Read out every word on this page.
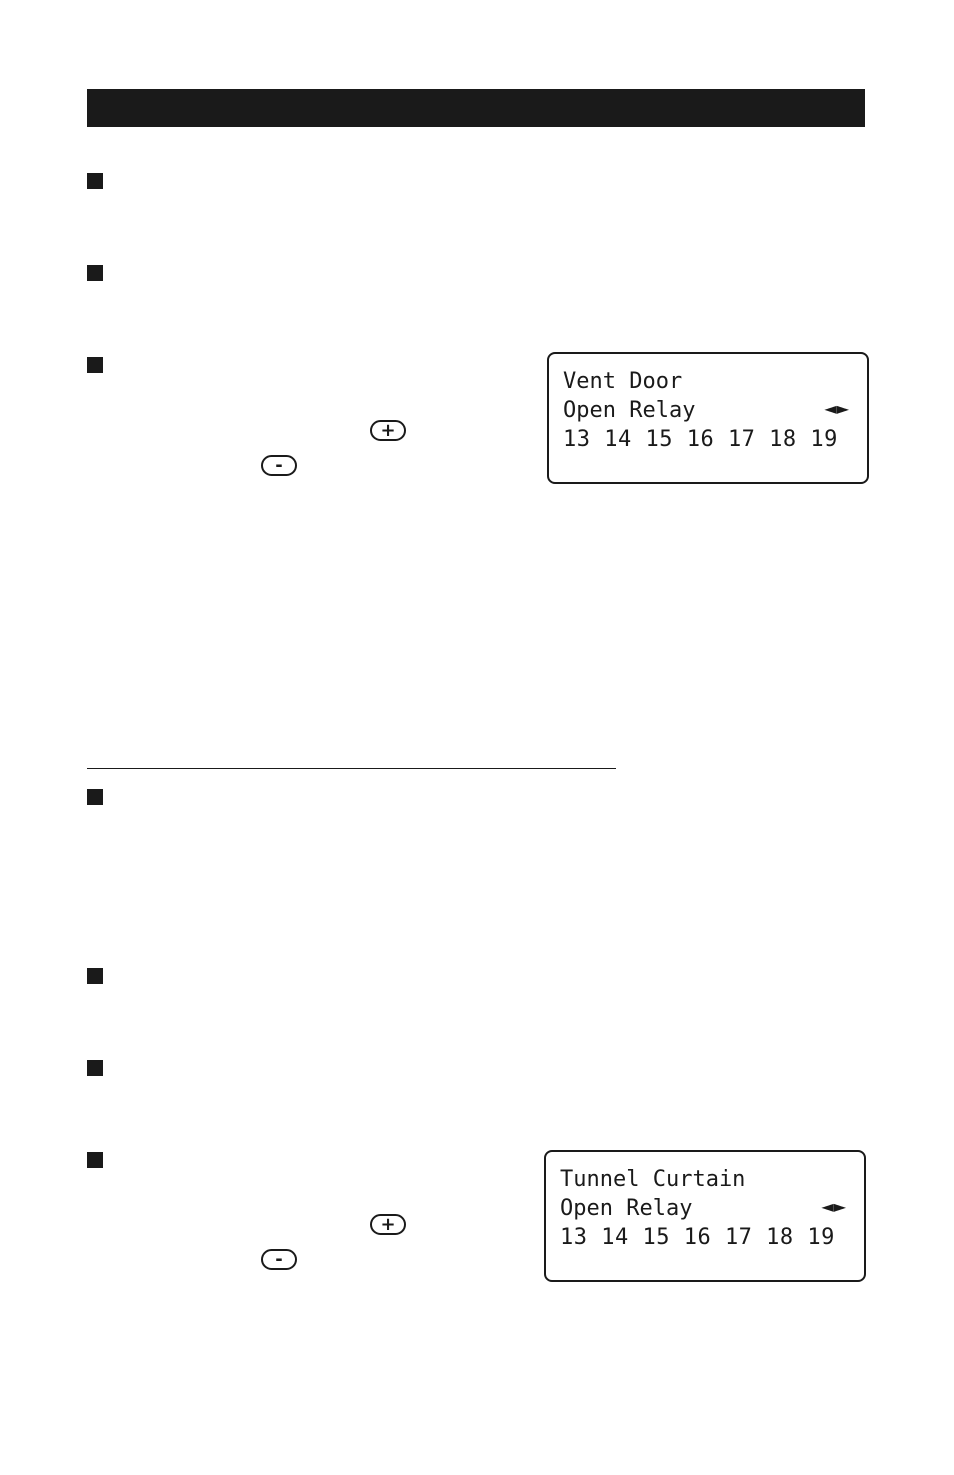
+
-
Vent Door
Open Relay	◄►
13 14 15 16 17 18 19
+
-
Tunnel Curtain
Open Relay	◄►
13 14 15 16 17 18 19
